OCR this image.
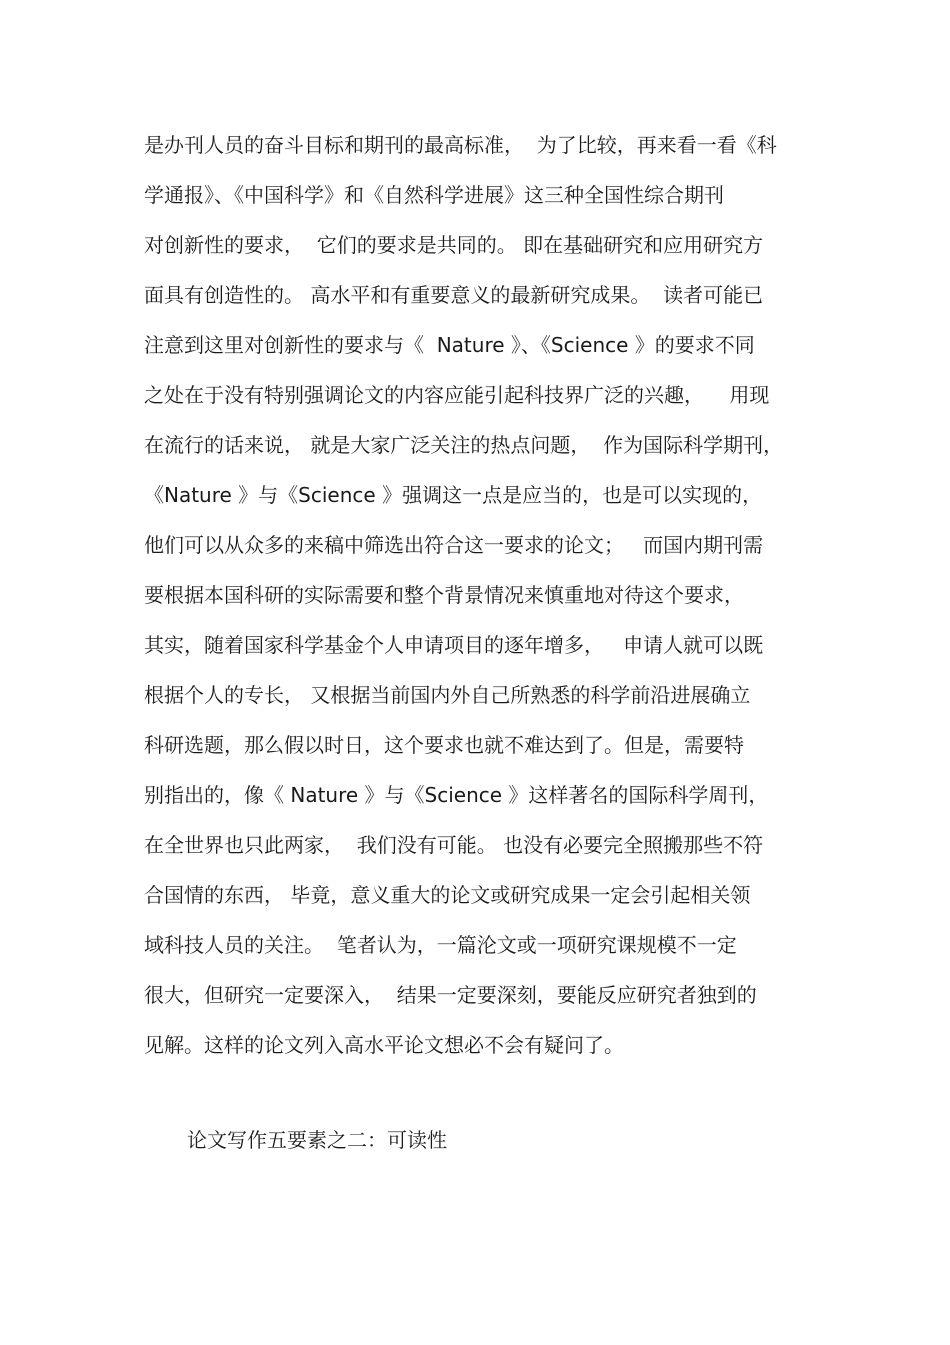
是办刊人员的奋斗目标和期刊的最高标准，  为了比较，再来看一看《科
学通报》、《中国科学》和《自然科学进展》这三种全国性综合期刊
对创新性的要求，  它们的要求是共同的。 即在基础研究和应用研究方
面具有创造性的。 高水平和有重要意义的最新研究成果。  读者可能已
注意到这里对创新性的要求与《  Nature 》、《Science 》的要求不同
之处在于没有特别强调论文的内容应能引起科技界广泛的兴趣，    用现
在流行的话来说， 就是大家广泛关注的热点问题，  作为国际科学期刊，
《Nature 》与《Science 》强调这一点是应当的，也是可以实现的，
他们可以从众多的来稿中筛选出符合这一要求的论文；   而国内期刊需
要根据本国科研的实际需要和整个背景情况来慎重地对待这个要求，
其实，随着国家科学基金个人申请项目的逐年增多，   申请人就可以既
根据个人的专长， 又根据当前国内外自己所熟悉的科学前沿进展确立
科研选题，那么假以时日，这个要求也就不难达到了。但是，需要特
别指出的，像《 Nature 》与《Science 》这样著名的国际科学周刊，
在全世界也只此两家，  我们没有可能。 也没有必要完全照搬那些不符
合国情的东西， 毕竟，意义重大的论文或研究成果一定会引起相关领
域科技人员的关注。  笔者认为，一篇沦文或一项研究课规模不一定
很大，但研究一定要深入，  结果一定要深刻，要能反应研究者独到的
见解。这样的论文列入高水平论文想必不会有疑问了。
论文写作五要素之二：可读性
